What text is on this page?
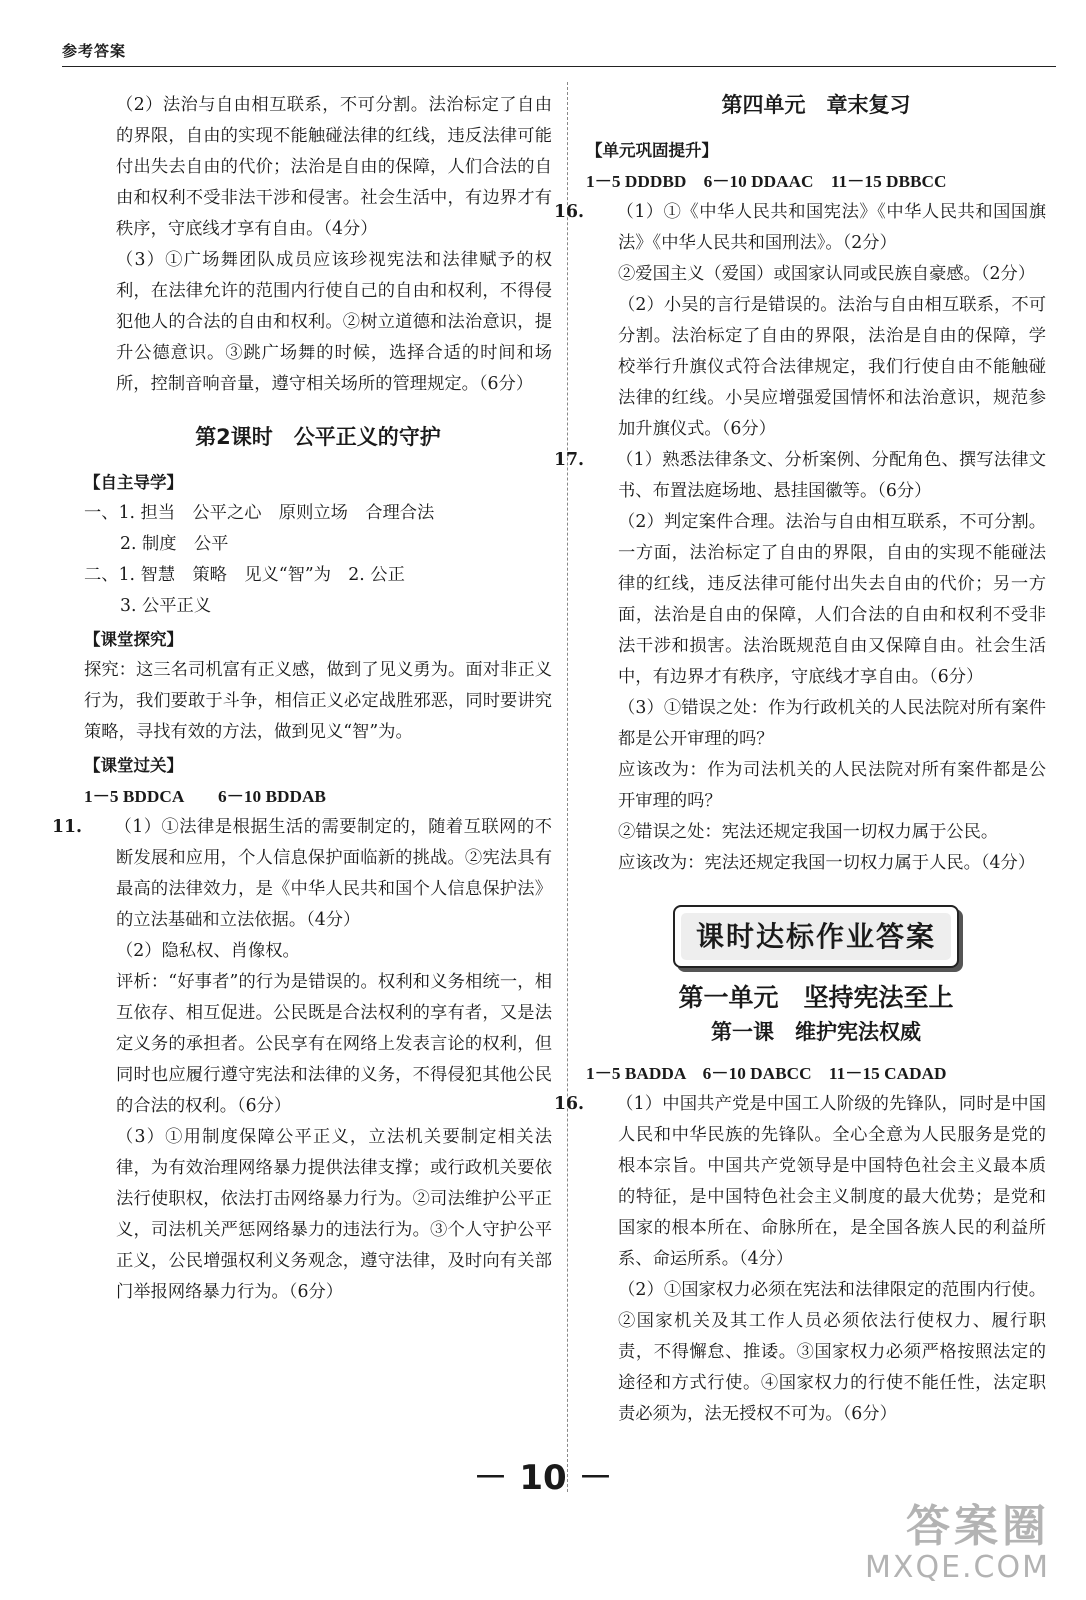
参考答案

（2）法治与自由相互联系，不可分割。法治标定了自由的界限，自由的实现不能触碰法律的红线，违反法律可能付出失去自由的代价；法治是自由的保障，人们合法的自由和权利不受非法干涉和侵害。社会生活中，有边界才有秩序，守底线才享有自由。（4分）

（3）①广场舞团队成员应该珍视宪法和法律赋予的权利，在法律允许的范围内行使自己的自由和权利，不得侵犯他人的合法的自由和权利。②树立道德和法治意识，提升公德意识。③跳广场舞的时候，选择合适的时间和场所，控制音响音量，遵守相关场所的管理规定。（6分）

第2课时　公平正义的守护
【自主导学】

一、1. 担当　公平之心　原则立场　合理合法

2. 制度　公平

二、1. 智慧　策略　见义“智”为　2. 公正

3. 公平正义

【课堂探究】

探究：这三名司机富有正义感，做到了见义勇为。面对非正义行为，我们要敢于斗争，相信正义必定战胜邪恶，同时要讲究策略，寻找有效的方法，做到见义“智”为。

【课堂过关】

1－5 BDDCA　　6－10 BDDAB

11. （1）①法律是根据生活的需要制定的，随着互联网的不断发展和应用，个人信息保护面临新的挑战。②宪法具有最高的法律效力，是《中华人民共和国个人信息保护法》的立法基础和立法依据。（4分）

（2）隐私权、肖像权。

评析：“好事者”的行为是错误的。权利和义务相统一，相互依存、相互促进。公民既是合法权利的享有者，又是法定义务的承担者。公民享有在网络上发表言论的权利，但同时也应履行遵守宪法和法律的义务，不得侵犯其他公民的合法的权利。（6分）

（3）①用制度保障公平正义，立法机关要制定相关法律，为有效治理网络暴力提供法律支撑；或行政机关要依法行使职权，依法打击网络暴力行为。②司法维护公平正义，司法机关严惩网络暴力的违法行为。③个人守护公平正义，公民增强权利义务观念，遵守法律，及时向有关部门举报网络暴力行为。（6分）

第四单元　章末复习
【单元巩固提升】

1－5 DDDBD　6－10 DDAAC　11－15 DBBCC

16. （1）①《中华人民共和国宪法》《中华人民共和国国旗法》《中华人民共和国刑法》。（2分）

②爱国主义（爱国）或国家认同或民族自豪感。（2分）

（2）小吴的言行是错误的。法治与自由相互联系，不可分割。法治标定了自由的界限，法治是自由的保障，学校举行升旗仪式符合法律规定，我们行使自由不能触碰法律的红线。小吴应增强爱国情怀和法治意识，规范参加升旗仪式。（6分）

17. （1）熟悉法律条文、分析案例、分配角色、撰写法律文书、布置法庭场地、悬挂国徽等。（6分）

（2）判定案件合理。法治与自由相互联系，不可分割。一方面，法治标定了自由的界限，自由的实现不能碰法律的红线，违反法律可能付出失去自由的代价；另一方面，法治是自由的保障，人们合法的自由和权利不受非法干涉和损害。法治既规范自由又保障自由。社会生活中，有边界才有秩序，守底线才享自由。（6分）

（3）①错误之处：作为行政机关的人民法院对所有案件都是公开审理的吗？

应该改为：作为司法机关的人民法院对所有案件都是公开审理的吗？

②错误之处：宪法还规定我国一切权力属于公民。

应该改为：宪法还规定我国一切权力属于人民。（4分）

课时达标作业答案
第一单元　坚持宪法至上
第一课　维护宪法权威

1－5 BADDA　6－10 DABCC　11－15 CADAD

16. （1）中国共产党是中国工人阶级的先锋队，同时是中国人民和中华民族的先锋队。全心全意为人民服务是党的根本宗旨。中国共产党领导是中国特色社会主义最本质的特征，是中国特色社会主义制度的最大优势；是党和国家的根本所在、命脉所在，是全国各族人民的利益所系、命运所系。（4分）

（2）①国家权力必须在宪法和法律限定的范围内行使。②国家机关及其工作人员必须依法行使权力、履行职责，不得懈怠、推诿。③国家权力必须严格按照法定的途径和方式行使。④国家权力的行使不能任性，法定职责必须为，法无授权不可为。（6分）

－ 10 －
答案圈
MXQE.COM
